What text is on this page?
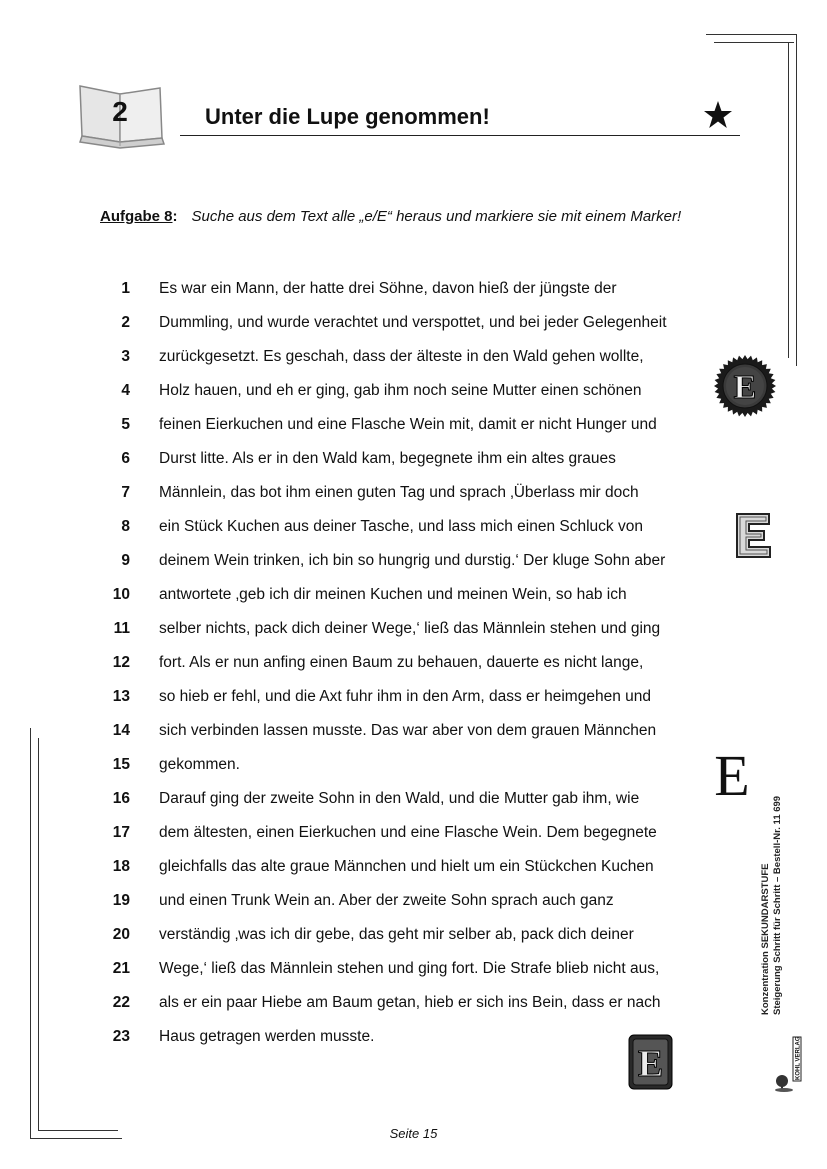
2	Unter die Lupe genommen!
Aufgabe 8: Suche aus dem Text alle „e/E“ heraus und markiere sie mit einem Marker!
1 Es war ein Mann, der hatte drei Söhne, davon hieß der jüngste der
2 Dummling, und wurde verachtet und verspottet, und bei jeder Gelegenheit
3 zurückgesetzt. Es geschah, dass der älteste in den Wald gehen wollte,
4 Holz hauen, und eh er ging, gab ihm noch seine Mutter einen schönen
5 feinen Eierkuchen und eine Flasche Wein mit, damit er nicht Hunger und
6 Durst litte. Als er in den Wald kam, begegnete ihm ein altes graues
7 Männlein, das bot ihm einen guten Tag und sprach ‚Überlass mir doch
8 ein Stück Kuchen aus deiner Tasche, und lass mich einen Schluck von
9 deinem Wein trinken, ich bin so hungrig und durstig.‘ Der kluge Sohn aber
10 antwortete ‚geb ich dir meinen Kuchen und meinen Wein, so hab ich
11 selber nichts, pack dich deiner Wege,‘ ließ das Männlein stehen und ging
12 fort. Als er nun anfing einen Baum zu behauen, dauerte es nicht lange,
13 so hieb er fehl, und die Axt fuhr ihm in den Arm, dass er heimgehen und
14 sich verbinden lassen musste. Das war aber von dem grauen Männchen
15 gekommen.
16 Darauf ging der zweite Sohn in den Wald, und die Mutter gab ihm, wie
17 dem ältesten, einen Eierkuchen und eine Flasche Wein. Dem begegnete
18 gleichfalls das alte graue Männchen und hielt um ein Stückchen Kuchen
19 und einen Trunk Wein an. Aber der zweite Sohn sprach auch ganz
20 verständig ‚was ich dir gebe, das geht mir selber ab, pack dich deiner
21 Wege,‘ ließ das Männlein stehen und ging fort. Die Strafe blieb nicht aus,
22 als er ein paar Hiebe am Baum getan, hieb er sich ins Bein, dass er nach
23 Haus getragen werden musste.
E
E
E
Konzentration SEKUNDARSTUFE Steigerung Schritt für Schritt – Bestell-Nr. 11 699
KOHL VERLAG
Seite 15
